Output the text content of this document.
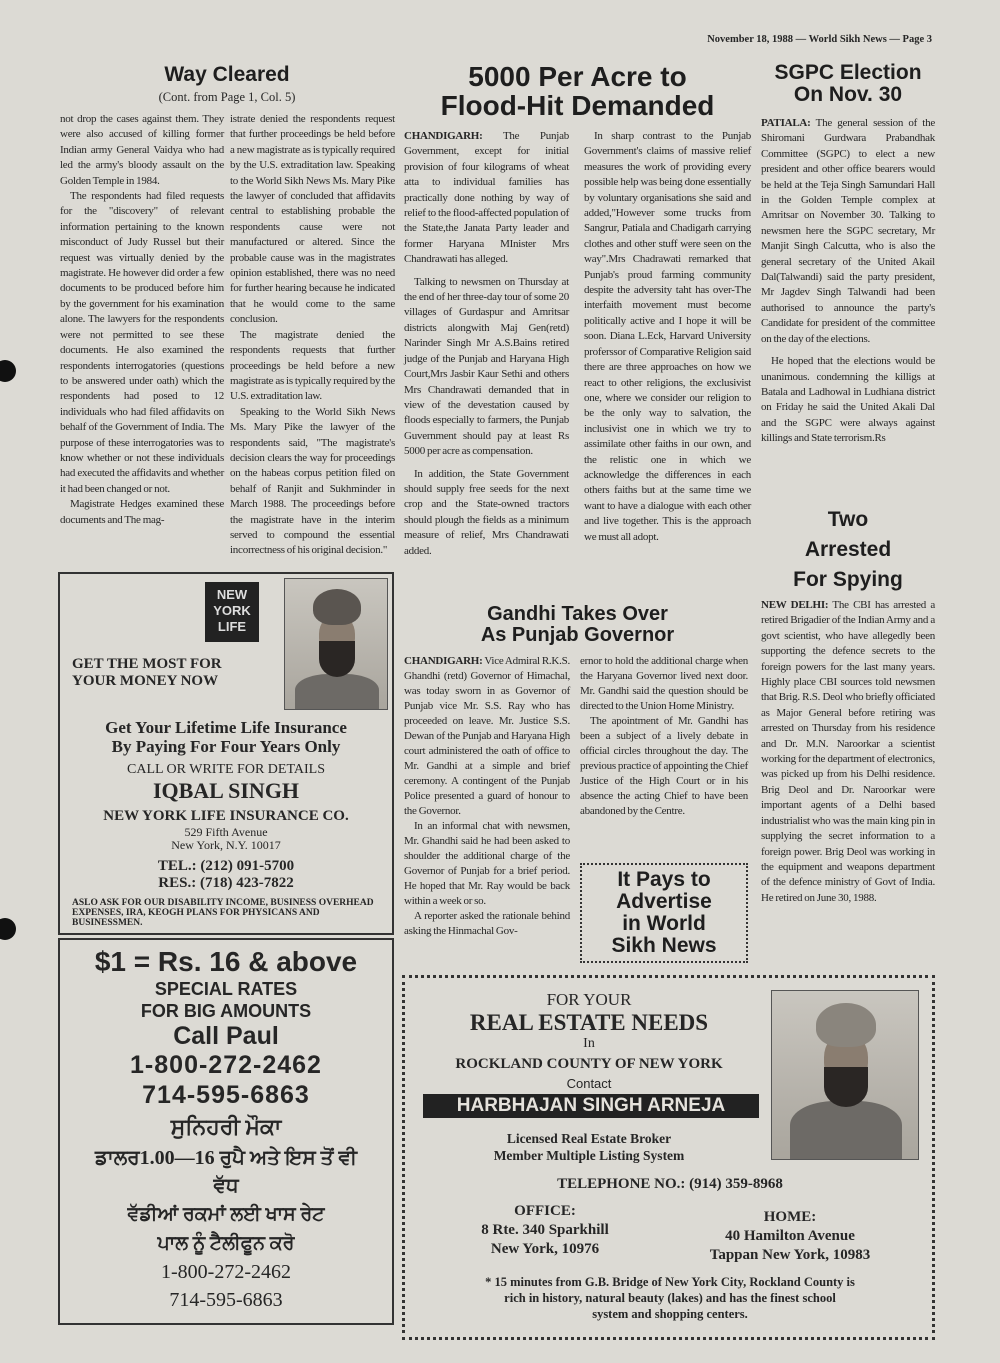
November 18, 1988 — World Sikh News — Page 3
Way Cleared
(Cont. from Page 1, Col. 5)

not drop the cases against them. They were also accused of killing former Indian army General Vaidya who had led the army's bloody assault on the Golden Temple in 1984.

The respondents had filed requests for the "discovery" of relevant information pertaining to the known misconduct of Judy Russel but their request was virtually denied by the magistrate. He however did order a few documents to be produced before him by the government for his examination alone. The lawyers for the respondents were not permitted to see these documents. He also examined the respondents interrogatories (questions to be answered under oath) which the respondents had posed to 12 individuals who had filed affidavits on behalf of the Government of India. The purpose of these interrogatories was to know whether or not these individuals had executed the affidavits and whether it had been changed or not.

Magistrate Hedges examined these documents and The mag-

istrate denied the respondents request that further proceedings be held before a new magistrate as is typically required by the U.S. extraditation law. Speaking to the World Sikh News Ms. Mary Pike the lawyer of concluded that affidavits central to establishing probable the respondents cause were not manufactured or altered. Since the probable cause was in the magistrates opinion established, there was no need for further hearing because he indicated that he would come to the same conclusion.

The magistrate denied the respondents requests that further proceedings be held before a new magistrate as is typically required by the U.S. extraditation law.

Speaking to the World Sikh News Ms. Mary Pike the lawyer of the respondents said, "The magistrate's decision clears the way for proceedings on the habeas corpus petition filed on behalf of Ranjit and Sukhminder in March 1988. The proceedings before the magistrate have in the interim served to compound the essential incorrectness of his original decision."

5000 Per Acre to
Flood-Hit Demanded

CHANDIGARH: The Punjab Government, except for initial provision of four kilograms of wheat atta to individual families has practically done nothing by way of relief to the flood-affected population of the State,the Janata Party leader and former Haryana MInister Mrs Chandrawati has alleged.

Talking to newsmen on Thursday at the end of her three-day tour of some 20 villages of Gurdaspur and Amritsar districts alongwith Maj Gen(retd) Narinder Singh Mr A.S.Bains retired judge of the Punjab and Haryana High Court,Mrs Jasbir Kaur Sethi and others Mrs Chandrawati demanded that in view of the devestation caused by floods especially to farmers, the Punjab Guvernment should pay at least Rs 5000 per acre as compensation.

In addition, the State Government should supply free seeds for the next crop and the State-owned tractors should plough the fields as a minimum measure of relief, Mrs Chandrawati added.

In sharp contrast to the Punjab Government's claims of massive relief measures the work of providing every possible help was being done essentially by voluntary organisations she said and added,"However some trucks from Sangrur, Patiala and Chadigarh carrying clothes and other stuff were seen on the way".Mrs Chadrawati remarked that Punjab's proud farming community despite the adversity taht has over-The interfaith movement must become politically active and I hope it will be soon. Diana L.Eck, Harvard University proferssor of Comparative Religion said there are three approaches on how we react to other religions, the exclusivist one, where we consider our religion to be the only way to salvation, the inclusivist one in which we try to assimilate other faiths in our own, and the relistic one in which we acknowledge the differences in each others faiths but at the same time we want to have a dialogue with each other and live together. This is the approach we must all adopt.

SGPC Election
On Nov. 30

PATIALA: The general session of the Shiromani Gurdwara Prabandhak Committee (SGPC) to elect a new president and other office bearers would be held at the Teja Singh Samundari Hall in the Golden Temple complex at Amritsar on November 30. Talking to newsmen here the SGPC secretary, Mr Manjit Singh Calcutta, who is also the general secretary of the United Akail Dal(Talwandi) said the party president, Mr Jagdev Singh Talwandi had been authorised to announce the party's Candidate for president of the committee on the day of the elections.

He hoped that the elections would be unanimous. condemning the killigs at Batala and Ladhowal in Ludhiana district on Friday he said the United Akali Dal and the SGPC were always against killings and State terrorism.Rs

Two
Arrested
For Spying

NEW DELHI: The CBI has arrested a retired Brigadier of the Indian Army and a govt scientist, who have allegedly been supporting the defence secrets to the foreign powers for the last many years. Highly place CBI sources told newsmen that Brig. R.S. Deol who briefly officiated as Major General before retiring was arrested on Thursday from his residence and Dr. M.N. Naroorkar a scientist working for the department of electronics, was picked up from his Delhi residence. Brig Deol and Dr. Naroorkar were important agents of a Delhi based industrialist who was the main king pin in supplying the secret information to a foreign power. Brig Deol was working in the equipment and weapons department of the defence ministry of Govt of India. He retired on June 30, 1988.

Gandhi Takes Over
As Punjab Governor

CHANDIGARH: Vice Admiral R.K.S. Ghandhi (retd) Governor of Himachal, was today sworn in as Governor of Punjab vice Mr. S.S. Ray who has proceeded on leave. Mr. Justice S.S. Dewan of the Punjab and Haryana High court administered the oath of office to Mr. Gandhi at a simple and brief ceremony. A contingent of the Punjab Police presented a guard of honour to the Governor.

In an informal chat with newsmen, Mr. Ghandhi said he had been asked to shoulder the additional charge of the Governor of Punjab for a brief period. He hoped that Mr. Ray would be back within a week or so.

A reporter asked the rationale behind asking the Hinmachal Gov-

ernor to hold the additional charge when the Haryana Governor lived next door. Mr. Gandhi said the question should be directed to the Union Home Ministry.

The apointment of Mr. Gandhi has been a subject of a lively debate in official circles throughout the day. The previous practice of appointing the Chief Justice of the High Court or in his absence the acting Chief to have been abandoned by the Centre.

It Pays to
Advertise
in World
Sikh News
NEW
YORK
LIFE
GET THE MOST FOR
YOUR MONEY NOW
Get Your Lifetime Life Insurance
By Paying For Four Years Only
CALL OR WRITE FOR DETAILS
IQBAL SINGH
NEW YORK LIFE INSURANCE CO.
529 Fifth Avenue
New York, N.Y. 10017
TEL.: (212) 091-5700
RES.: (718) 423-7822
ASLO ASK FOR OUR DISABILITY INCOME, BUSINESS OVERHEAD EXPENSES, IRA, KEOGH PLANS FOR PHYSICANS AND BUSINESSMEN.
$1 = Rs. 16 & above
SPECIAL RATES
FOR BIG AMOUNTS
Call Paul
1-800-272-2462
714-595-6863
ਸੁਨਿਹਰੀ ਮੌਕਾ
ਡਾਲਰ1.00—16 ਰੁਪੈ ਅਤੇ ਇਸ ਤੋਂ ਵੀ
ਵੱਧ
ਵੱਡੀਆਂ ਰਕਮਾਂ ਲਈ ਖਾਸ ਰੇਟ
ਪਾਲ ਨੂੰ ਟੈਲੀਫੂਨ ਕਰੋ
1-800-272-2462
714-595-6863
FOR YOUR
REAL ESTATE NEEDS
In
ROCKLAND COUNTY OF NEW YORK
Contact
HARBHAJAN SINGH ARNEJA
Licensed Real Estate Broker
Member Multiple Listing System
TELEPHONE NO.: (914) 359-8968
OFFICE:
8 Rte. 340 Sparkhill
New York, 10976
HOME:
40 Hamilton Avenue
Tappan New York, 10983
* 15 minutes from G.B. Bridge of New York City, Rockland County is rich in history, natural beauty (lakes) and has the finest school system and shopping centers.
